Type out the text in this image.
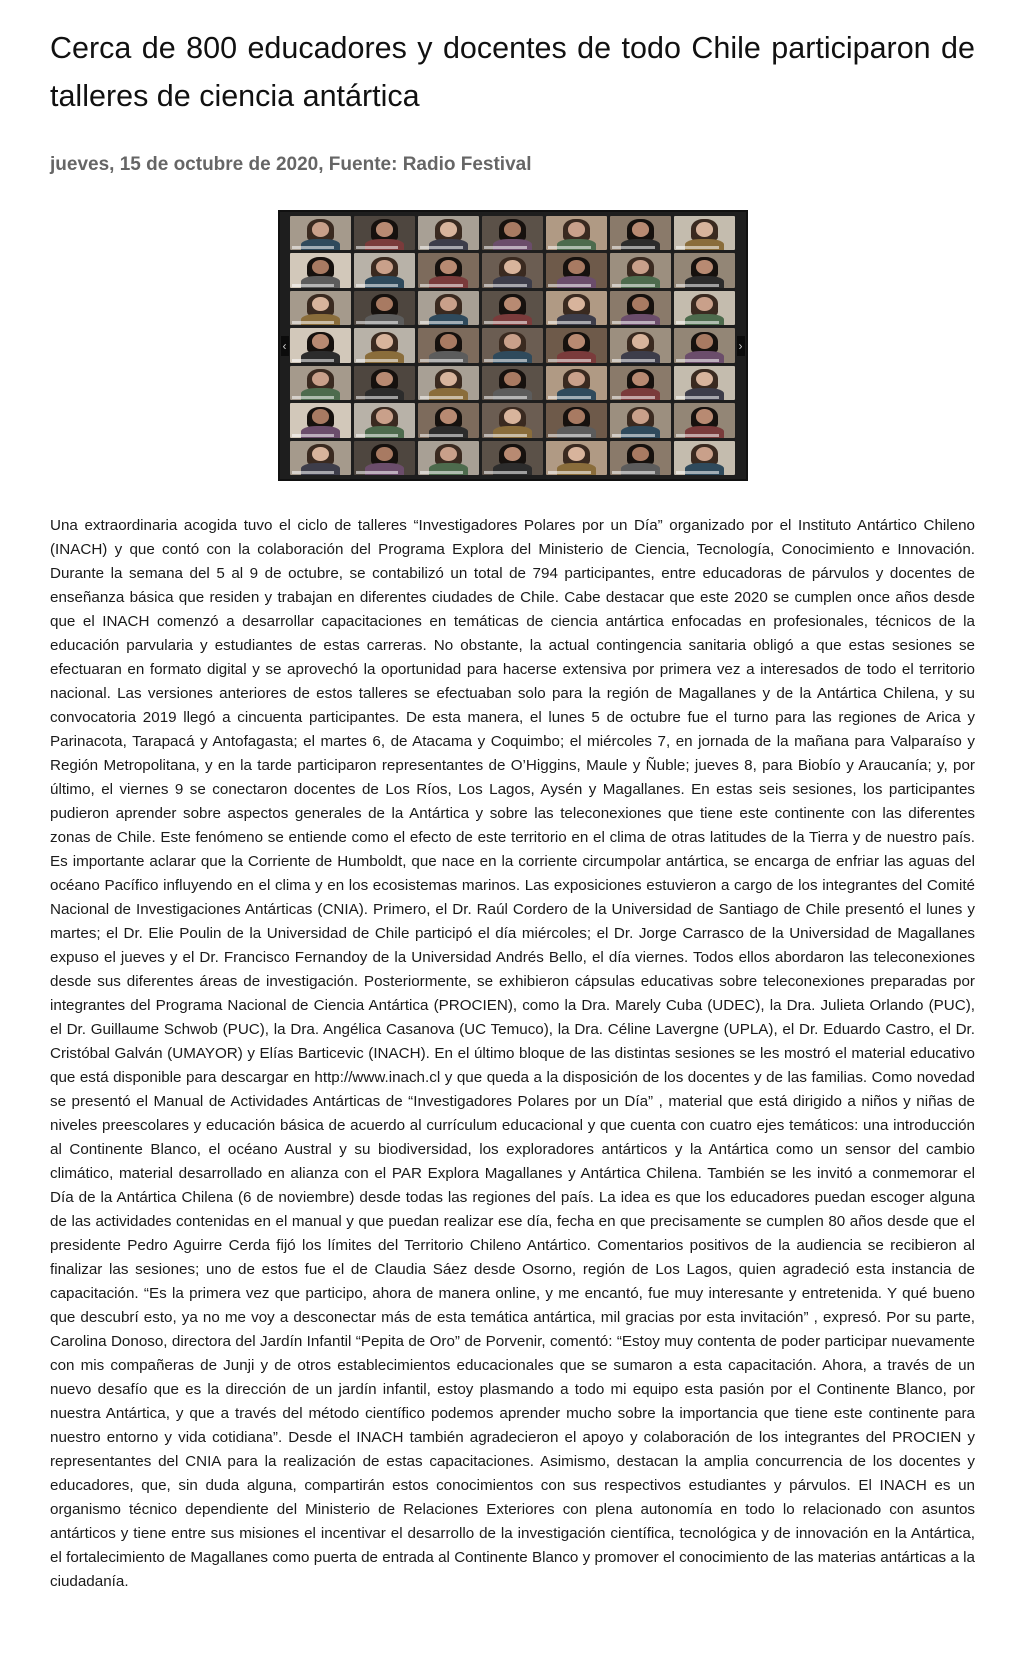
Cerca de 800 educadores y docentes de todo Chile participaron de talleres de ciencia antártica
jueves, 15 de octubre de 2020, Fuente: Radio Festival
‹	›
Una extraordinaria acogida tuvo el ciclo de talleres “Investigadores Polares por un Día” organizado por el Instituto Antártico Chileno (INACH) y que contó con la colaboración del Programa Explora del Ministerio de Ciencia, Tecnología, Conocimiento e Innovación. Durante la semana del 5 al 9 de octubre, se contabilizó un total de 794 participantes, entre educadoras de párvulos y docentes de enseñanza básica que residen y trabajan en diferentes ciudades de Chile. Cabe destacar que este 2020 se cumplen once años desde que el INACH comenzó a desarrollar capacitaciones en temáticas de ciencia antártica enfocadas en profesionales, técnicos de la educación parvularia y estudiantes de estas carreras. No obstante, la actual contingencia sanitaria obligó a que estas sesiones se efectuaran en formato digital y se aprovechó la oportunidad para hacerse extensiva por primera vez a interesados de todo el territorio nacional. Las versiones anteriores de estos talleres se efectuaban solo para la región de Magallanes y de la Antártica Chilena, y su convocatoria 2019 llegó a cincuenta participantes. De esta manera, el lunes 5 de octubre fue el turno para las regiones de Arica y Parinacota, Tarapacá y Antofagasta; el martes 6, de Atacama y Coquimbo; el miércoles 7, en jornada de la mañana para Valparaíso y Región Metropolitana, y en la tarde participaron representantes de O’Higgins, Maule y Ñuble; jueves 8, para Biobío y Araucanía; y, por último, el viernes 9 se conectaron docentes de Los Ríos, Los Lagos, Aysén y Magallanes. En estas seis sesiones, los participantes pudieron aprender sobre aspectos generales de la Antártica y sobre las teleconexiones que tiene este continente con las diferentes zonas de Chile. Este fenómeno se entiende como el efecto de este territorio en el clima de otras latitudes de la Tierra y de nuestro país. Es importante aclarar que la Corriente de Humboldt, que nace en la corriente circumpolar antártica, se encarga de enfriar las aguas del océano Pacífico influyendo en el clima y en los ecosistemas marinos. Las exposiciones estuvieron a cargo de los integrantes del Comité Nacional de Investigaciones Antárticas (CNIA). Primero, el Dr. Raúl Cordero de la Universidad de Santiago de Chile presentó el lunes y martes; el Dr. Elie Poulin de la Universidad de Chile participó el día miércoles; el Dr. Jorge Carrasco de la Universidad de Magallanes expuso el jueves y el Dr. Francisco Fernandoy de la Universidad Andrés Bello, el día viernes. Todos ellos abordaron las teleconexiones desde sus diferentes áreas de investigación. Posteriormente, se exhibieron cápsulas educativas sobre teleconexiones preparadas por integrantes del Programa Nacional de Ciencia Antártica (PROCIEN), como la Dra. Marely Cuba (UDEC), la Dra. Julieta Orlando (PUC), el Dr. Guillaume Schwob (PUC), la Dra. Angélica Casanova (UC Temuco), la Dra. Céline Lavergne (UPLA), el Dr. Eduardo Castro, el Dr. Cristóbal Galván (UMAYOR) y Elías Barticevic (INACH). En el último bloque de las distintas sesiones se les mostró el material educativo que está disponible para descargar en http://www.inach.cl y que queda a la disposición de los docentes y de las familias. Como novedad se presentó el Manual de Actividades Antárticas de “Investigadores Polares por un Día” , material que está dirigido a niños y niñas de niveles preescolares y educación básica de acuerdo al currículum educacional y que cuenta con cuatro ejes temáticos: una introducción al Continente Blanco, el océano Austral y su biodiversidad, los exploradores antárticos y la Antártica como un sensor del cambio climático, material desarrollado en alianza con el PAR Explora Magallanes y Antártica Chilena. También se les invitó a conmemorar el Día de la Antártica Chilena (6 de noviembre) desde todas las regiones del país. La idea es que los educadores puedan escoger alguna de las actividades contenidas en el manual y que puedan realizar ese día, fecha en que precisamente se cumplen 80 años desde que el presidente Pedro Aguirre Cerda fijó los límites del Territorio Chileno Antártico. Comentarios positivos de la audiencia se recibieron al finalizar las sesiones; uno de estos fue el de Claudia Sáez desde Osorno, región de Los Lagos, quien agradeció esta instancia de capacitación. “Es la primera vez que participo, ahora de manera online, y me encantó, fue muy interesante y entretenida. Y qué bueno que descubrí esto, ya no me voy a desconectar más de esta temática antártica, mil gracias por esta invitación” , expresó. Por su parte, Carolina Donoso, directora del Jardín Infantil “Pepita de Oro” de Porvenir, comentó: “Estoy muy contenta de poder participar nuevamente con mis compañeras de Junji y de otros establecimientos educacionales que se sumaron a esta capacitación. Ahora, a través de un nuevo desafío que es la dirección de un jardín infantil, estoy plasmando a todo mi equipo esta pasión por el Continente Blanco, por nuestra Antártica, y que a través del método científico podemos aprender mucho sobre la importancia que tiene este continente para nuestro entorno y vida cotidiana”. Desde el INACH también agradecieron el apoyo y colaboración de los integrantes del PROCIEN y representantes del CNIA para la realización de estas capacitaciones. Asimismo, destacan la amplia concurrencia de los docentes y educadores, que, sin duda alguna, compartirán estos conocimientos con sus respectivos estudiantes y párvulos. El INACH es un organismo técnico dependiente del Ministerio de Relaciones Exteriores con plena autonomía en todo lo relacionado con asuntos antárticos y tiene entre sus misiones el incentivar el desarrollo de la investigación científica, tecnológica y de innovación en la Antártica, el fortalecimiento de Magallanes como puerta de entrada al Continente Blanco y promover el conocimiento de las materias antárticas a la ciudadanía.
